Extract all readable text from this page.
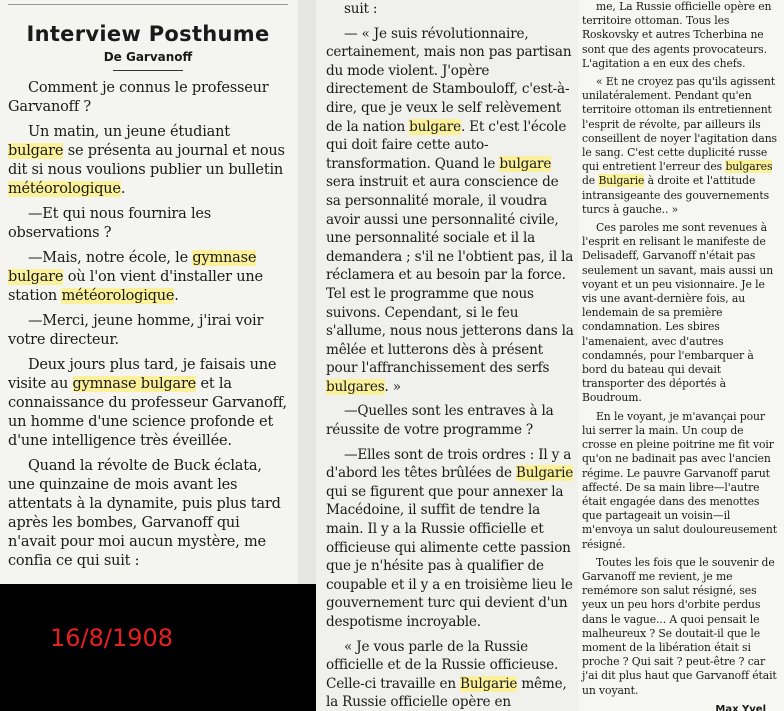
Interview Posthume
De Garvanoff

Comment je connus le professeur Garvanoff ?

Un matin, un jeune étudiant bulgare se présenta au journal et nous dit si nous voulions publier un bulletin météorologique.

—Et qui nous fournira les observations ?

—Mais, notre école, le gymnase bulgare où l'on vient d'installer une station météorologique.

—Merci, jeune homme, j'irai voir votre directeur.

Deux jours plus tard, je faisais une visite au gymnase bulgare et la connaissance du professeur Garvanoff, un homme d'une science profonde et d'une intelligence très éveillée.

Quand la révolte de Buck éclata, une quinzaine de mois avant les attentats à la dynamite, puis plus tard après les bombes, Garvanoff qui n'avait pour moi aucun mystère, me confia ce qui suit :

suit :

— « Je suis révolutionnaire, certainement, mais non pas partisan du mode violent. J'opère directement de Stambouloff, c'est-à-dire, que je veux le self relèvement de la nation bulgare. Et c'est l'école qui doit faire cette auto-transformation. Quand le bulgare sera instruit et aura conscience de sa personnalité morale, il voudra avoir aussi une personnalité civile, une personnalité sociale et il la demandera ; s'il ne l'obtient pas, il la réclamera et au besoin par la force. Tel est le programme que nous suivons. Cependant, si le feu s'allume, nous nous jetterons dans la mêlée et lutterons dès à présent pour l'affranchissement des serfs bulgares. »

—Quelles sont les entraves à la réussite de votre programme ?

—Elles sont de trois ordres : Il y a d'abord les têtes brûlées de Bulgarie qui se figurent que pour annexer la Macédoine, il suffit de tendre la main. Il y a la Russie officielle et officieuse qui alimente cette passion que je n'hésite pas à qualifier de coupable et il y a en troisième lieu le gouvernement turc qui devient d'un despotisme incroyable.

« Je vous parle de la Russie officielle et de la Russie officieuse. Celle-ci travaille en Bulgarie même, la Russie officielle opère en

me, La Russie officielle opère en territoire ottoman. Tous les Roskovsky et autres Tcherbina ne sont que des agents provocateurs. L'agitation a en eux des chefs.

« Et ne croyez pas qu'ils agissent unilatéralement. Pendant qu'en territoire ottoman ils entretiennent l'esprit de révolte, par ailleurs ils conseillent de noyer l'agitation dans le sang. C'est cette duplicité russe qui entretient l'erreur des bulgares de Bulgarie à droite et l'attitude intransigeante des gouvernements turcs à gauche.. »

Ces paroles me sont revenues à l'esprit en relisant le manifeste de Delisadeff, Garvanoff n'était pas seulement un savant, mais aussi un voyant et un peu visionnaire. Je le vis une avant-dernière fois, au lendemain de sa première condamnation. Les sbires l'amenaient, avec d'autres condamnés, pour l'embarquer à bord du bateau qui devait transporter des déportés à Boudroum.

En le voyant, je m'avançai pour lui serrer la main. Un coup de crosse en pleine poitrine me fit voir qu'on ne badinait pas avec l'ancien régime. Le pauvre Garvanoff parut affecté. De sa main libre—l'autre était engagée dans des menottes que partageait un voisin—il m'envoya un salut douloureusement résigné.

Toutes les fois que le souvenir de Garvanoff me revient, je me remémore son salut résigné, ses yeux un peu hors d'orbite perdus dans le vague... A quoi pensait le malheureux ? Se doutait-il que le moment de la libération était si proche ? Qui sait ? peut-être ? car j'ai dit plus haut que Garvanoff était un voyant.

Max Yvel
16/8/1908
